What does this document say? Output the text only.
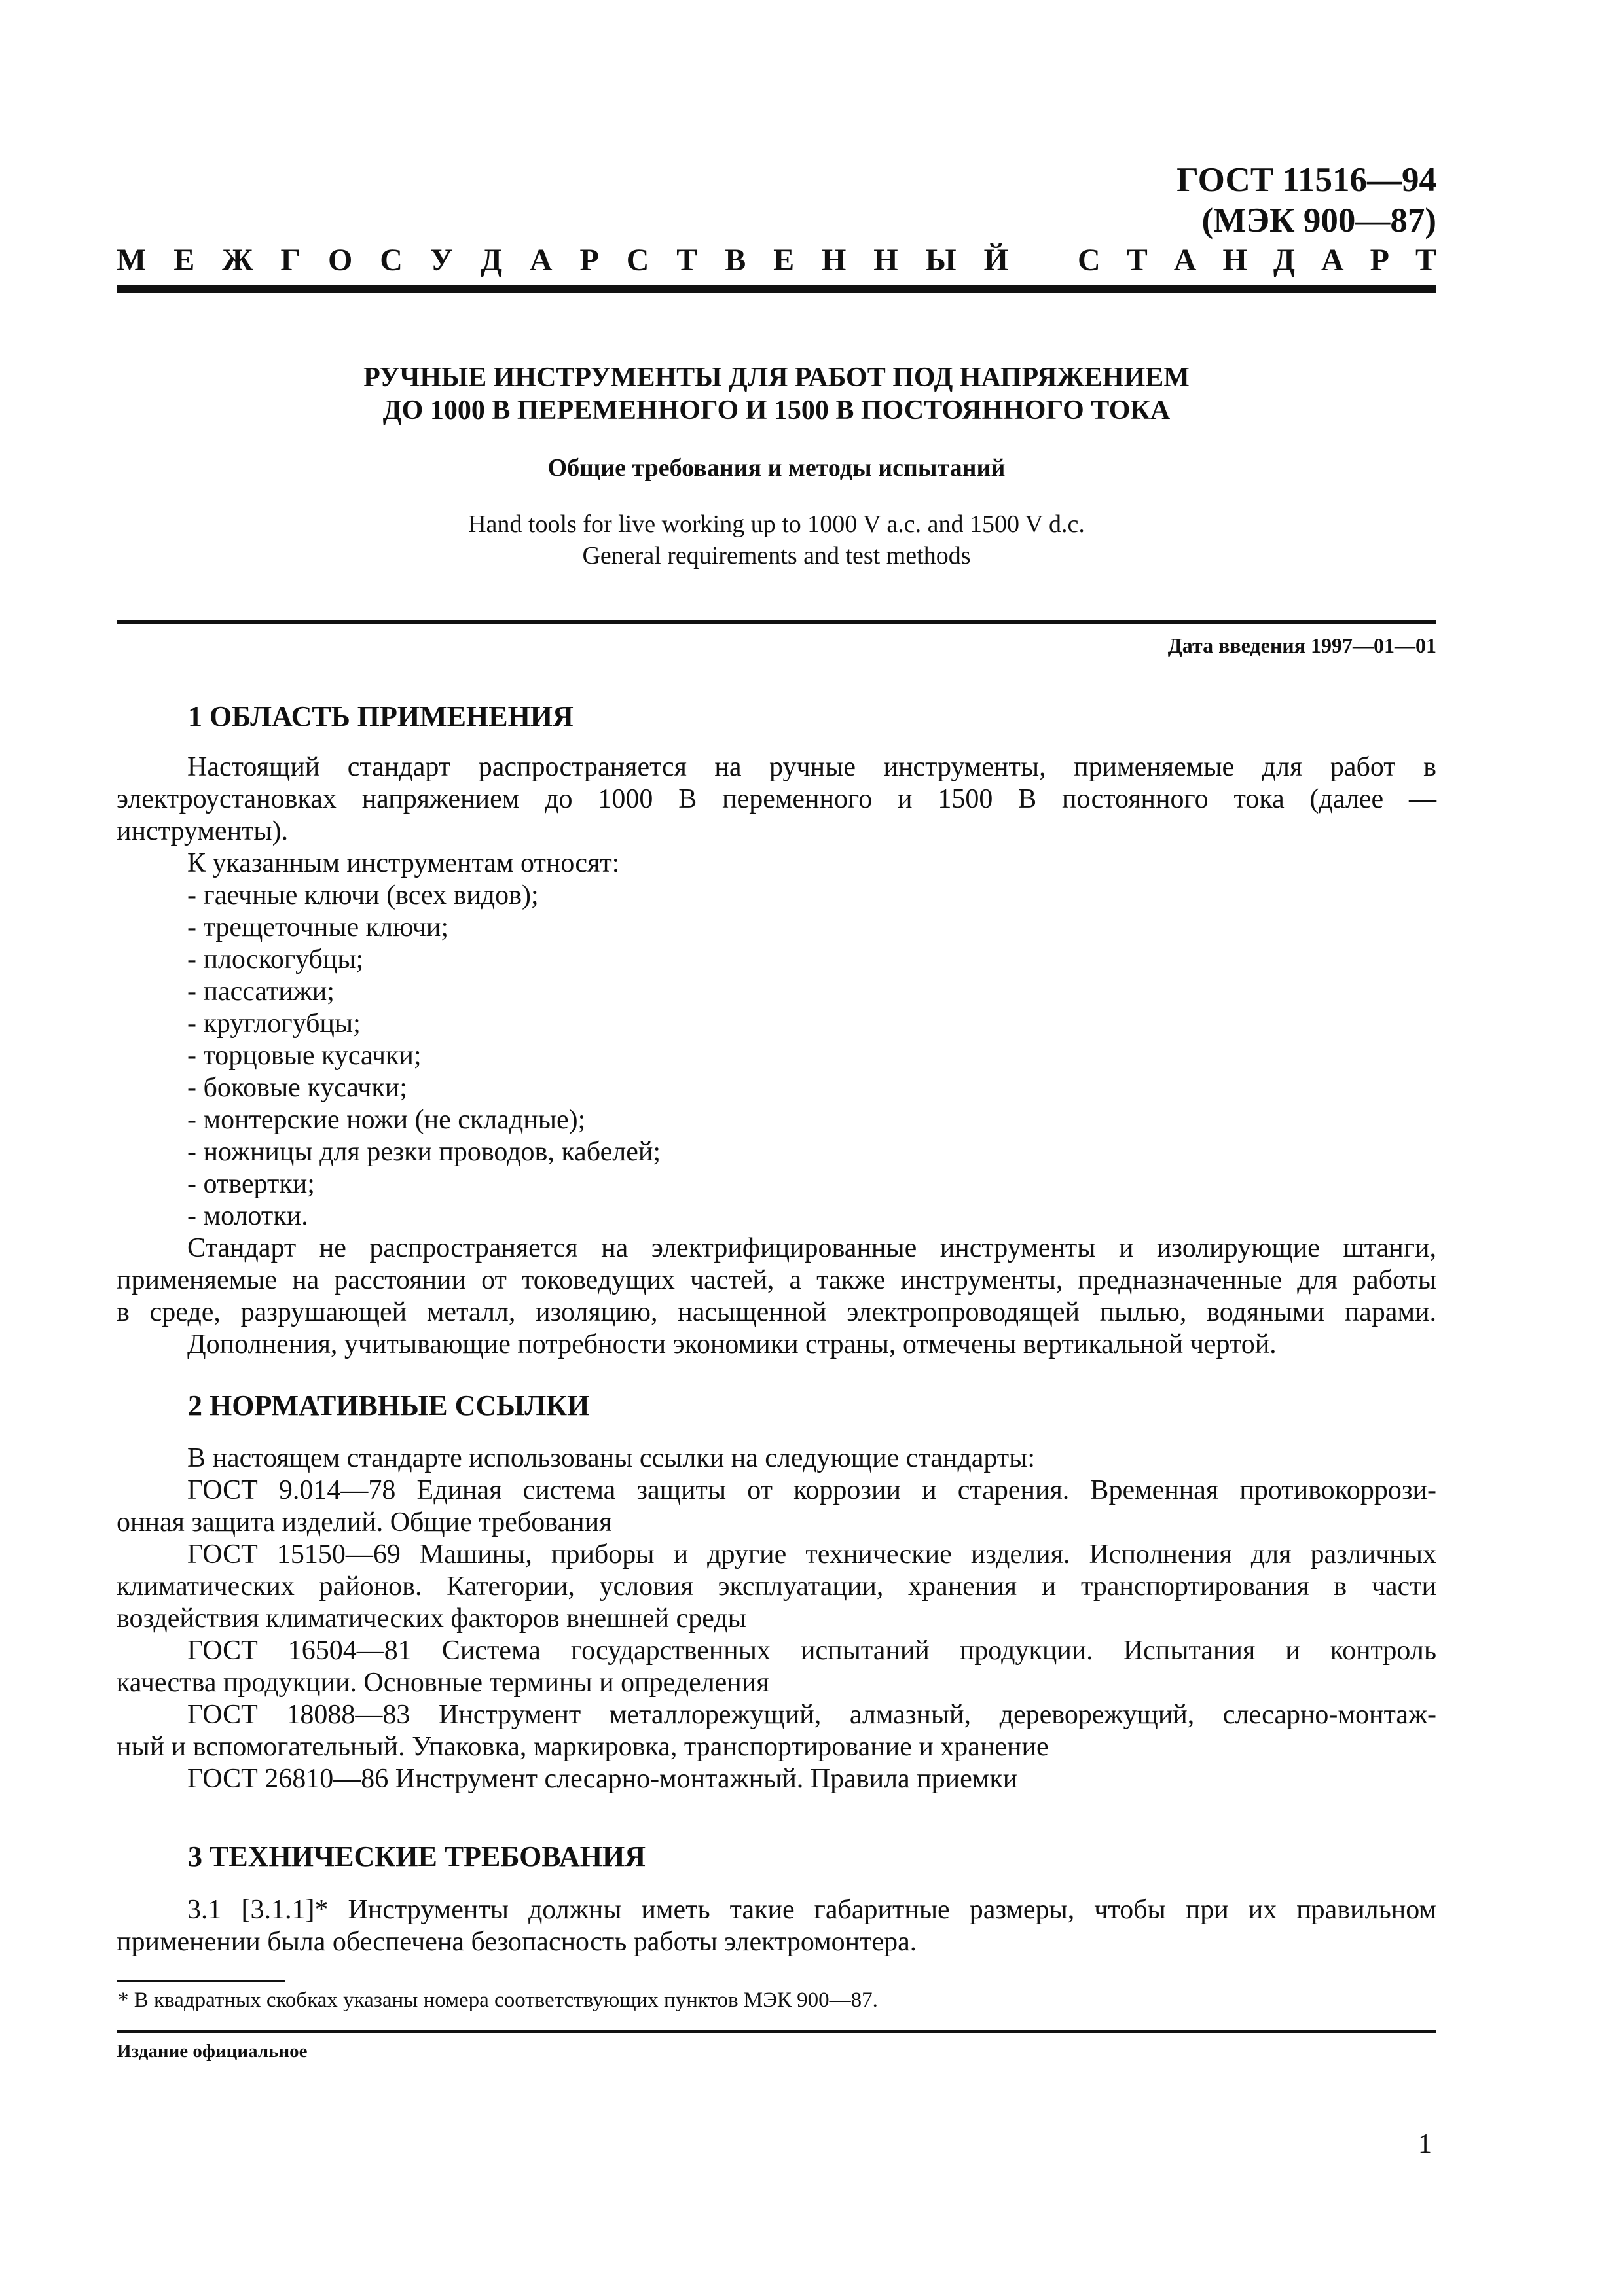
ГОСТ 11516—94
(МЭК 900—87)
М Е Ж Г О С У Д А Р С Т В Е Н Н Ы Й С Т А Н Д А Р Т
РУЧНЫЕ ИНСТРУМЕНТЫ ДЛЯ РАБОТ ПОД НАПРЯЖЕНИЕМ
ДО 1000 В ПЕРЕМЕННОГО И 1500 В ПОСТОЯННОГО ТОКА
Общие требования и методы испытаний
Hand tools for live working up to 1000 V a.c. and 1500 V d.c.
General requirements and test methods
Дата введения 1997—01—01
1 ОБЛАСТЬ ПРИМЕНЕНИЯ
Настоящий стандарт распространяется на ручные инструменты, применяемые для работ в
электроустановках напряжением до 1000 В переменного и 1500 В постоянного тока (далее —
инструменты).
К указанным инструментам относят:
- гаечные ключи (всех видов);
- трещеточные ключи;
- плоскогубцы;
- пассатижи;
- круглогубцы;
- торцовые кусачки;
- боковые кусачки;
- монтерские ножи (не складные);
- ножницы для резки проводов, кабелей;
- отвертки;
- молотки.
Стандарт не распространяется на электрифицированные инструменты и изолирующие штанги,
применяемые на расстоянии от токоведущих частей, а также инструменты, предназначенные для работы
в среде, разрушающей металл, изоляцию, насыщенной электропроводящей пылью, водяными парами.
Дополнения, учитывающие потребности экономики страны, отмечены вертикальной чертой.
2 НОРМАТИВНЫЕ ССЫЛКИ
В настоящем стандарте использованы ссылки на следующие стандарты:
ГОСТ 9.014—78 Единая система защиты от коррозии и старения. Временная противокоррози-
онная защита изделий. Общие требования
ГОСТ 15150—69 Машины, приборы и другие технические изделия. Исполнения для различных
климатических районов. Категории, условия эксплуатации, хранения и транспортирования в части
воздействия климатических факторов внешней среды
ГОСТ 16504—81 Система государственных испытаний продукции. Испытания и контроль
качества продукции. Основные термины и определения
ГОСТ 18088—83 Инструмент металлорежущий, алмазный, дереворежущий, слесарно-монтаж-
ный и вспомогательный. Упаковка, маркировка, транспортирование и хранение
ГОСТ 26810—86 Инструмент слесарно-монтажный. Правила приемки
3 ТЕХНИЧЕСКИЕ ТРЕБОВАНИЯ
3.1 [3.1.1]* Инструменты должны иметь такие габаритные размеры, чтобы при их правильном
применении была обеспечена безопасность работы электромонтера.
* В квадратных скобках указаны номера соответствующих пунктов МЭК 900—87.
Издание официальное
1
